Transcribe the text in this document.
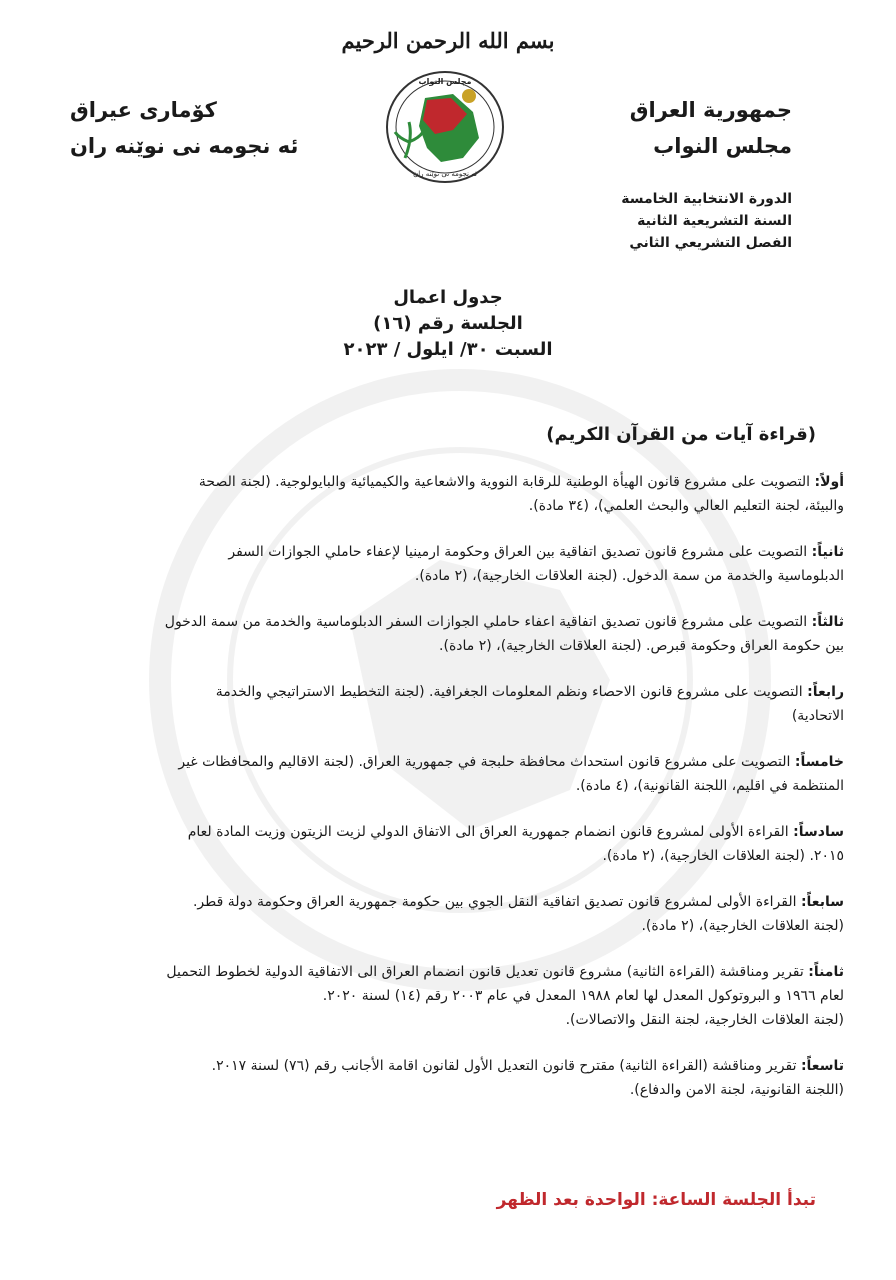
بسم الله الرحمن الرحيم
جمهورية العراق
مجلس النواب
مجلس النواب
ئه نجومه نی نوێنه ران
كۆماری عیراق
ئه نجومه نی نوێنه ران
الدورة الانتخابية الخامسة
السنة التشريعية الثانية
الفصل التشريعي الثاني
جدول اعمال
الجلسة رقم (١٦)
السبت ٣٠/ ايلول / ٢٠٢٣
(قراءة آيات من القرآن الكريم)
أولاً: التصويت على مشروع قانون الهيأة الوطنية للرقابة النووية والاشعاعية والكيميائية والبايولوجية. (لجنة الصحة
والبيئة، لجنة التعليم العالي والبحث العلمي)، (٣٤ مادة).
ثانياً: التصويت على مشروع قانون تصديق اتفاقية بين العراق وحكومة ارمينيا لإعفاء حاملي الجوازات السفر
الدبلوماسية والخدمة من سمة الدخول. (لجنة العلاقات الخارجية)، (٢ مادة).
ثالثاً: التصويت على مشروع قانون تصديق اتفاقية اعفاء حاملي الجوازات السفر الدبلوماسية والخدمة من سمة الدخول
بين حكومة العراق وحكومة قبرص. (لجنة العلاقات الخارجية)، (٢ مادة).
رابعاً: التصويت على مشروع قانون الاحصاء ونظم المعلومات الجغرافية. (لجنة التخطيط الاستراتيجي والخدمة
الاتحادية)
خامساً: التصويت على مشروع قانون استحداث محافظة حلبجة في جمهورية العراق. (لجنة الاقاليم والمحافظات غير
المنتظمة في اقليم، اللجنة القانونية)، (٤ مادة).
سادساً: القراءة الأولى لمشروع قانون انضمام جمهورية العراق الى الاتفاق الدولي لزيت الزيتون وزيت المادة لعام
٢٠١٥. (لجنة العلاقات الخارجية)، (٢ مادة).
سابعاً: القراءة الأولى لمشروع قانون تصديق اتفاقية النقل الجوي بين حكومة جمهورية العراق وحكومة دولة قطر.
(لجنة العلاقات الخارجية)، (٢ مادة).
ثامناً: تقرير ومناقشة (القراءة الثانية) مشروع قانون تعديل قانون انضمام العراق الى الاتفاقية الدولية لخطوط التحميل
لعام ١٩٦٦ و البروتوكول المعدل لها لعام ١٩٨٨ المعدل في عام ٢٠٠٣ رقم (١٤) لسنة ٢٠٢٠.
(لجنة العلاقات الخارجية، لجنة النقل والاتصالات).
تاسعاً: تقرير ومناقشة (القراءة الثانية) مقترح قانون التعديل الأول لقانون اقامة الأجانب رقم (٧٦) لسنة ٢٠١٧.
(اللجنة القانونية، لجنة الامن والدفاع).
تبدأ الجلسة الساعة: الواحدة بعد الظهر
